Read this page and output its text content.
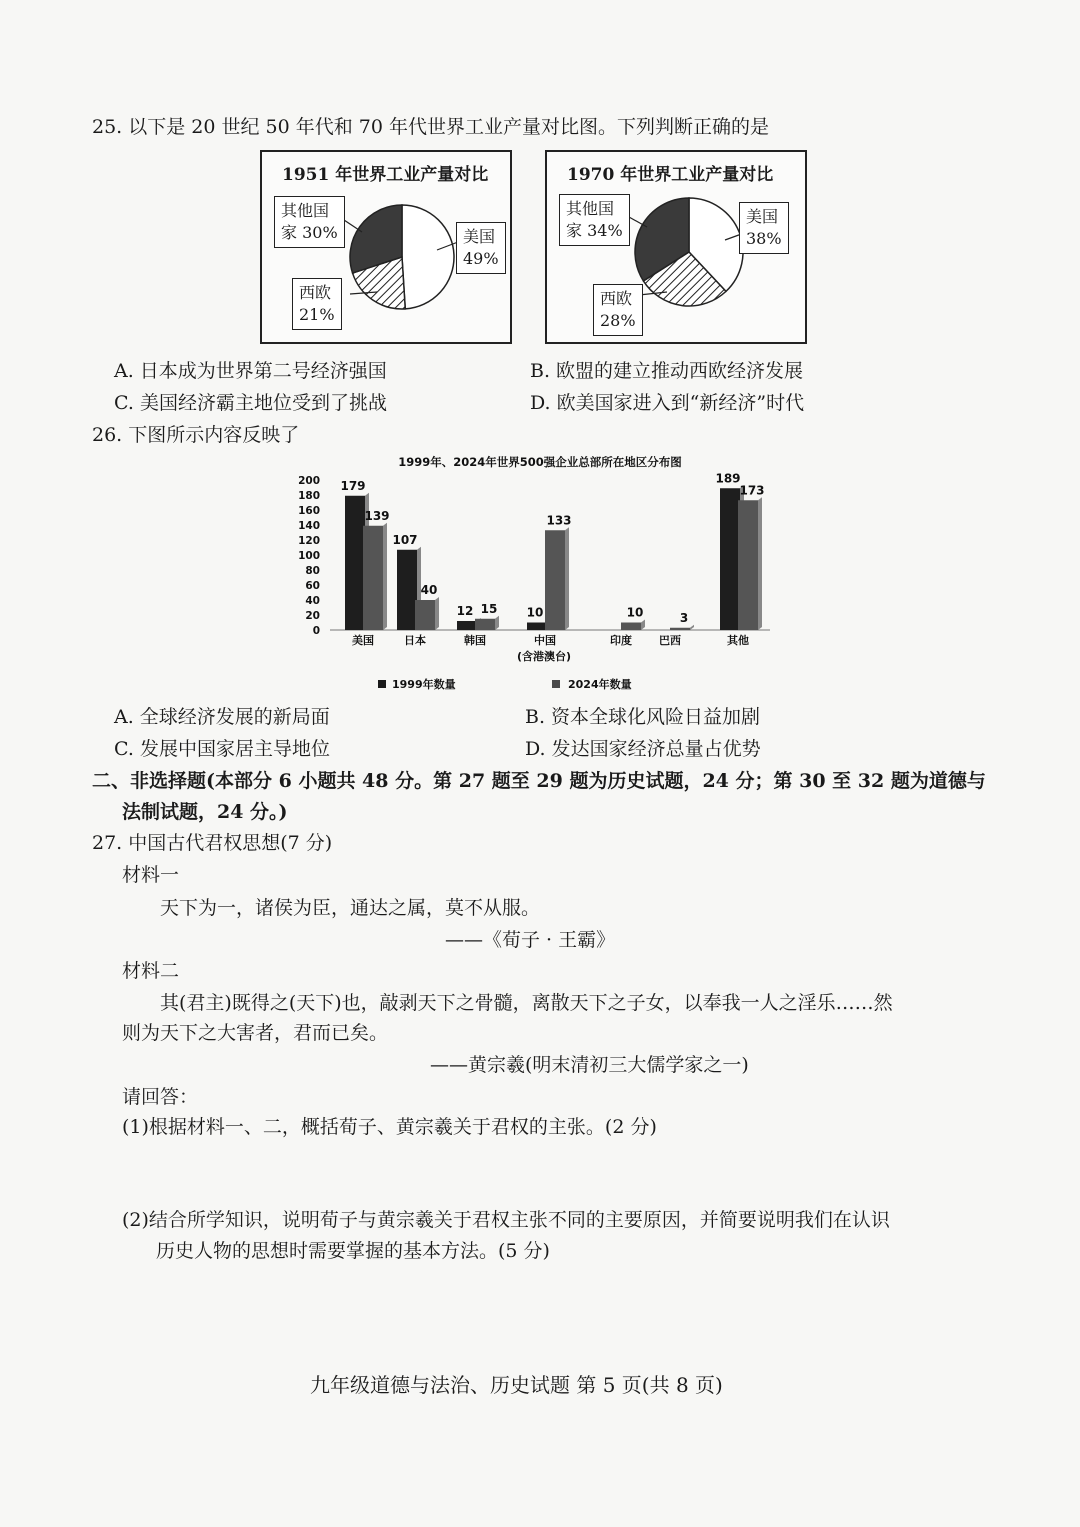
25. 以下是 20 世纪 50 年代和 70 年代世界工业产量对比图。下列判断正确的是
1951 年世界工业产量对比
其他国
家 30%	美国
49%
西欧
21%
1970 年世界工业产量对比
其他国
家 34%
美国
38%
西欧
28%
A. 日本成为世界第二号经济强国	B. 欧盟的建立推动西欧经济发展
C. 美国经济霸主地位受到了挑战	D. 欧美国家进入到“新经济”时代
26. 下图所示内容反映了
1999年、2024年世界500强企业总部所在地区分布图
0
20
40
60
80
100
120
140
160
180
200 179
107
12	10
189
139
40
15
133
10	3
173
美国	日本	韩国	中国	印度 巴西	其他
(含港澳台)
1999年数量	2024年数量
A. 全球经济发展的新局面	B. 资本全球化风险日益加剧
C. 发展中国家居主导地位	D. 发达国家经济总量占优势
二、非选择题(本部分 6 小题共 48 分。第 27 题至 29 题为历史试题，24 分；第 30 至 32 题为道德与
法制试题，24 分。)
27. 中国古代君权思想(7 分)
材料一
天下为一，诸侯为臣，通达之属，莫不从服。
——《荀子 · 王霸》
材料二
其(君主)既得之(天下)也，敲剥天下之骨髓，离散天下之子女，以奉我一人之淫乐……然
则为天下之大害者，君而已矣。
——黄宗羲(明末清初三大儒学家之一)
请回答：
(1)根据材料一、二，概括荀子、黄宗羲关于君权的主张。(2 分)
(2)结合所学知识，说明荀子与黄宗羲关于君权主张不同的主要原因，并简要说明我们在认识
历史人物的思想时需要掌握的基本方法。(5 分)
九年级道德与法治、历史试题 第 5 页(共 8 页)
